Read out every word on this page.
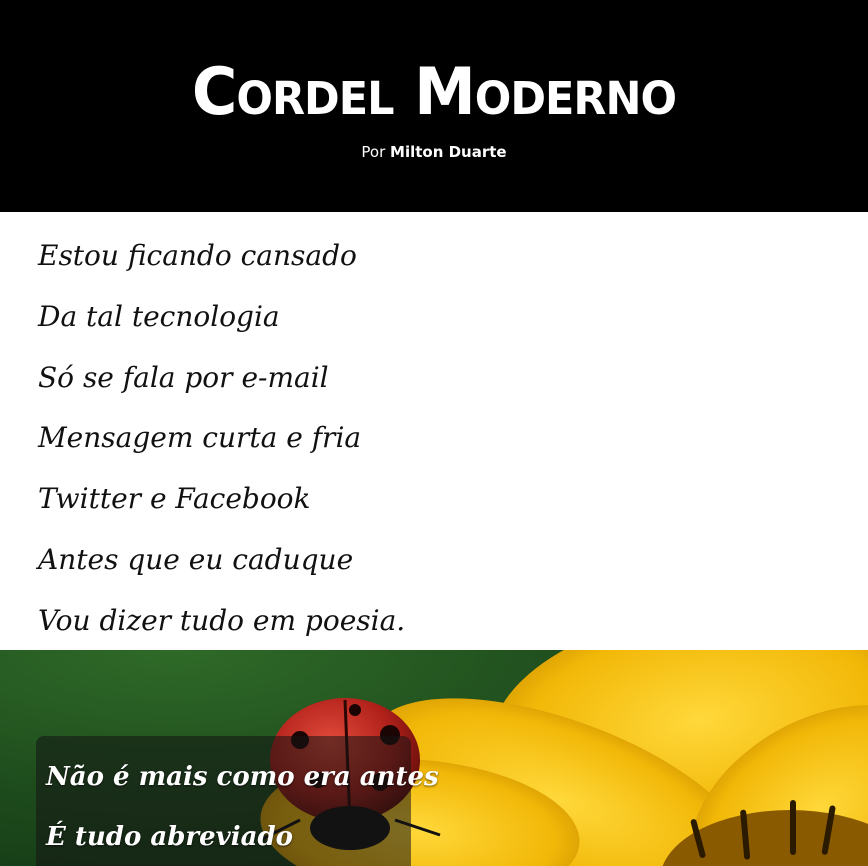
Cordel Moderno
Por Milton Duarte
Estou ficando cansado
Da tal tecnologia
Só se fala por e-mail
Mensagem curta e fria
Twitter e Facebook
Antes que eu caduque
Vou dizer tudo em poesia.
Não é mais como era antes
É tudo abreviado
